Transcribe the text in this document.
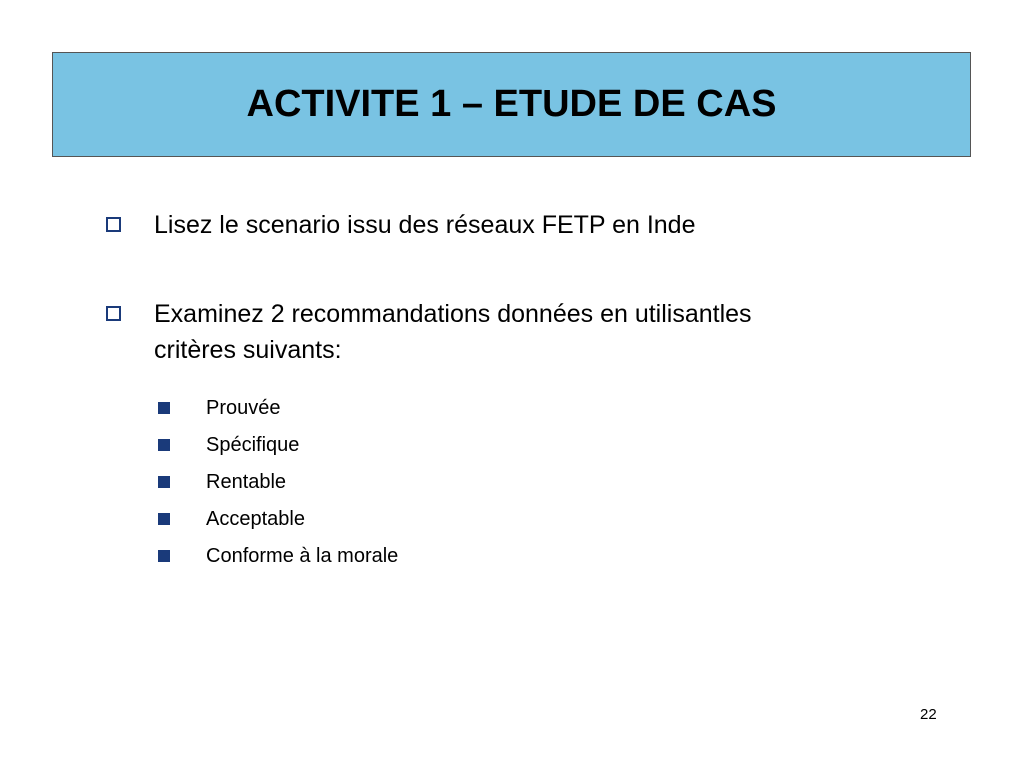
ACTIVITE 1 – ETUDE DE CAS
Lisez le scenario issu des réseaux FETP en Inde
Examinez 2 recommandations données en utilisantles critères suivants:
Prouvée
Spécifique
Rentable
Acceptable
Conforme à la morale
22
